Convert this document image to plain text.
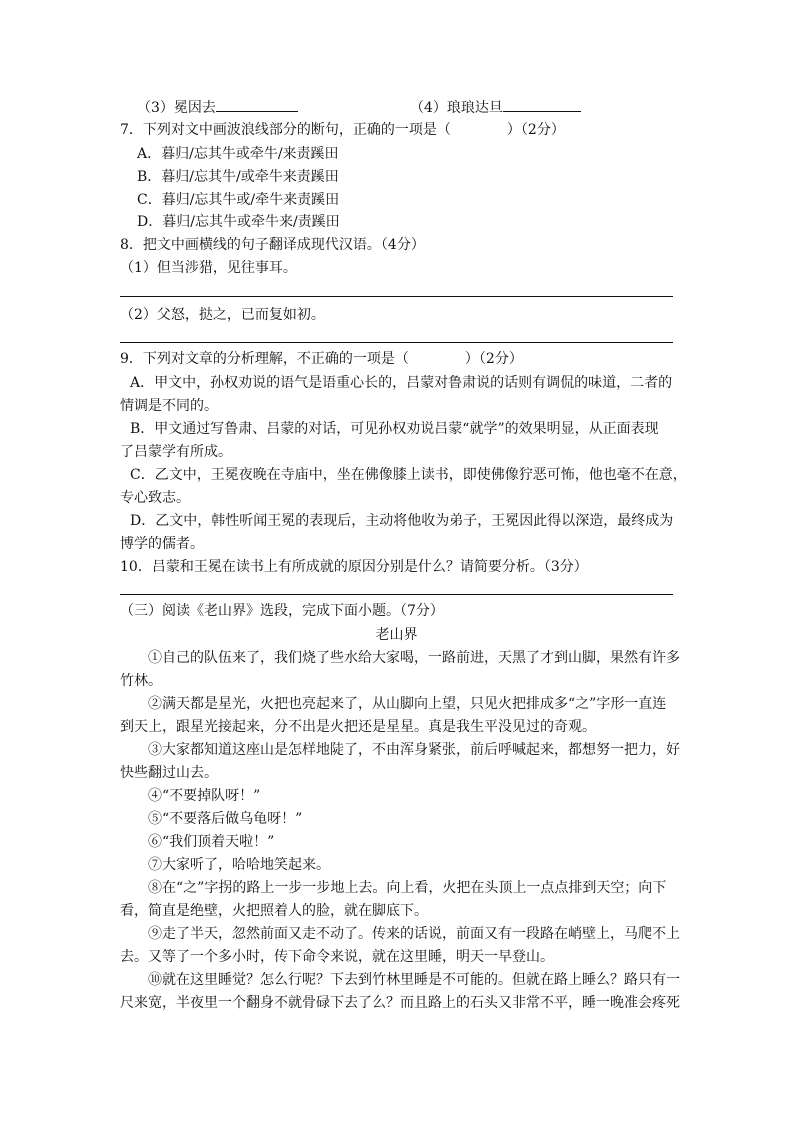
（3）冕因去	（4）琅琅达旦
7．下列对文中画波浪线部分的断句，正确的一项是（　　　　）（2分）
A．暮归/忘其牛或牵牛/来责蹊田
B．暮归/忘其牛/或牵牛来责蹊田
C．暮归/忘其牛或/牵牛来责蹊田
D．暮归/忘其牛或牵牛来/责蹊田
8．把文中画横线的句子翻译成现代汉语。（4分）
（1）但当涉猎，见往事耳。
（2）父怒，挞之，已而复如初。
9．下列对文章的分析理解，不正确的一项是（　　　　）（2分）
A．甲文中，孙权劝说的语气是语重心长的，吕蒙对鲁肃说的话则有调侃的味道，二者的
情调是不同的。
B．甲文通过写鲁肃、吕蒙的对话，可见孙权劝说吕蒙“就学”的效果明显，从正面表现
了吕蒙学有所成。
C．乙文中，王冕夜晚在寺庙中，坐在佛像膝上读书，即使佛像狞恶可怖，他也毫不在意，
专心致志。
D．乙文中，韩性听闻王冕的表现后，主动将他收为弟子，王冕因此得以深造，最终成为
博学的儒者。
10．吕蒙和王冕在读书上有所成就的原因分别是什么？请简要分析。（3分）
（三）阅读《老山界》选段，完成下面小题。（7分）
老山界
①自己的队伍来了，我们烧了些水给大家喝，一路前进，天黑了才到山脚，果然有许多
竹林。
②满天都是星光，火把也亮起来了，从山脚向上望，只见火把排成多“之”字形一直连
到天上，跟星光接起来，分不出是火把还是星星。真是我生平没见过的奇观。
③大家都知道这座山是怎样地陡了，不由浑身紧张，前后呼喊起来，都想努一把力，好
快些翻过山去。
④“不要掉队呀！”
⑤“不要落后做乌龟呀！”
⑥“我们顶着天啦！”
⑦大家听了，哈哈地笑起来。
⑧在“之”字拐的路上一步一步地上去。向上看，火把在头顶上一点点排到天空；向下
看，简直是绝壁，火把照着人的脸，就在脚底下。
⑨走了半天，忽然前面又走不动了。传来的话说，前面又有一段路在峭壁上，马爬不上
去。又等了一个多小时，传下命令来说，就在这里睡，明天一早登山。
⑩就在这里睡觉？怎么行呢？下去到竹林里睡是不可能的。但就在路上睡么？路只有一
尺来宽，半夜里一个翻身不就骨碌下去了么？而且路上的石头又非常不平，睡一晚准会疼死
